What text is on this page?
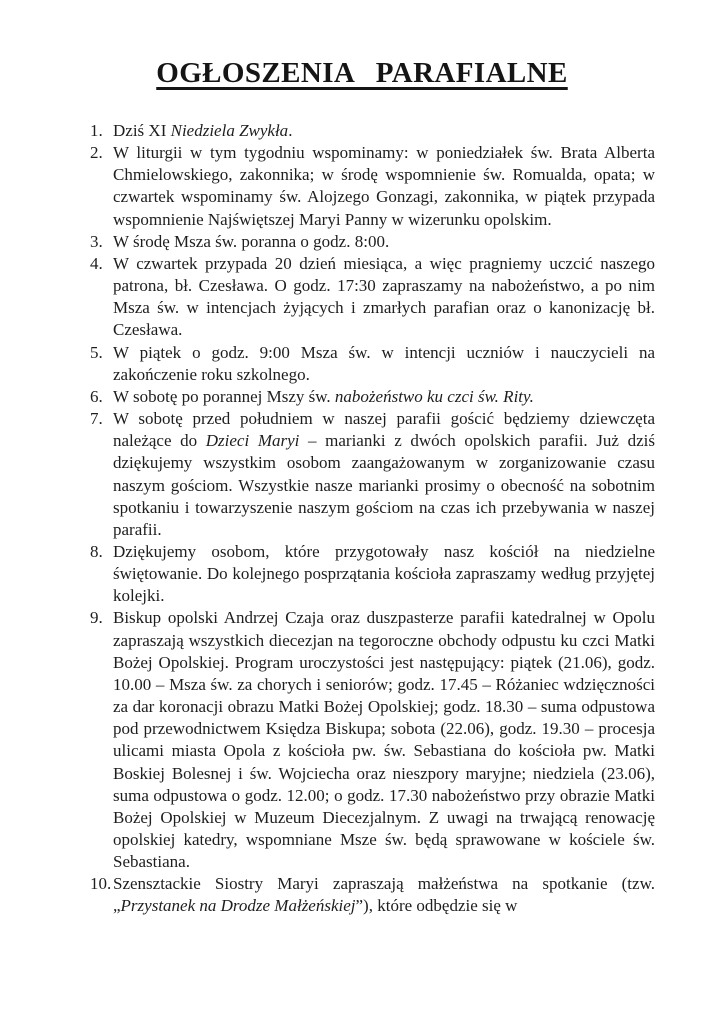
OGŁOSZENIA PARAFIALNE
1. Dziś XI Niedziela Zwykła.
2. W liturgii w tym tygodniu wspominamy: w poniedziałek św. Brata Alberta Chmielowskiego, zakonnika; w środę wspomnienie św. Romualda, opata; w czwartek wspominamy św. Alojzego Gonzagi, zakonnika, w piątek przypada wspomnienie Najświętszej Maryi Panny w wizerunku opolskim.
3. W środę Msza św. poranna o godz. 8:00.
4. W czwartek przypada 20 dzień miesiąca, a więc pragniemy uczcić naszego patrona, bł. Czesława. O godz. 17:30 zapraszamy na nabożeństwo, a po nim Msza św. w intencjach żyjących i zmarłych parafian oraz o kanonizację bł. Czesława.
5. W piątek o godz. 9:00 Msza św. w intencji uczniów i nauczycieli na zakończenie roku szkolnego.
6. W sobotę po porannej Mszy św. nabożeństwo ku czci św. Rity.
7. W sobotę przed południem w naszej parafii gościć będziemy dziewczęta należące do Dzieci Maryi – marianki z dwóch opolskich parafii. Już dziś dziękujemy wszystkim osobom zaangażowanym w zorganizowanie czasu naszym gościom. Wszystkie nasze marianki prosimy o obecność na sobotnim spotkaniu i towarzyszenie naszym gościom na czas ich przebywania w naszej parafii.
8. Dziękujemy osobom, które przygotowały nasz kościół na niedzielne świętowanie. Do kolejnego posprzątania kościoła zapraszamy według przyjętej kolejki.
9. Biskup opolski Andrzej Czaja oraz duszpasterze parafii katedralnej w Opolu zapraszają wszystkich diecezjan na tegoroczne obchody odpustu ku czci Matki Bożej Opolskiej. Program uroczystości jest następujący: piątek (21.06), godz. 10.00 – Msza św. za chorych i seniorów; godz. 17.45 – Różaniec wdzięczności za dar koronacji obrazu Matki Bożej Opolskiej; godz. 18.30 – suma odpustowa pod przewodnictwem Księdza Biskupa; sobota (22.06), godz. 19.30 – procesja ulicami miasta Opola z kościoła pw. św. Sebastiana do kościoła pw. Matki Boskiej Bolesnej i św. Wojciecha oraz nieszpory maryjne; niedziela (23.06), suma odpustowa o godz. 12.00; o godz. 17.30 nabożeństwo przy obrazie Matki Bożej Opolskiej w Muzeum Diecezjalnym. Z uwagi na trwającą renowację opolskiej katedry, wspomniane Msze św. będą sprawowane w kościele św. Sebastiana.
10. Szensztackie Siostry Maryi zapraszają małżeństwa na spotkanie (tzw. „Przystanek na Drodze Małżeńskiej”), które odbędzie się w
